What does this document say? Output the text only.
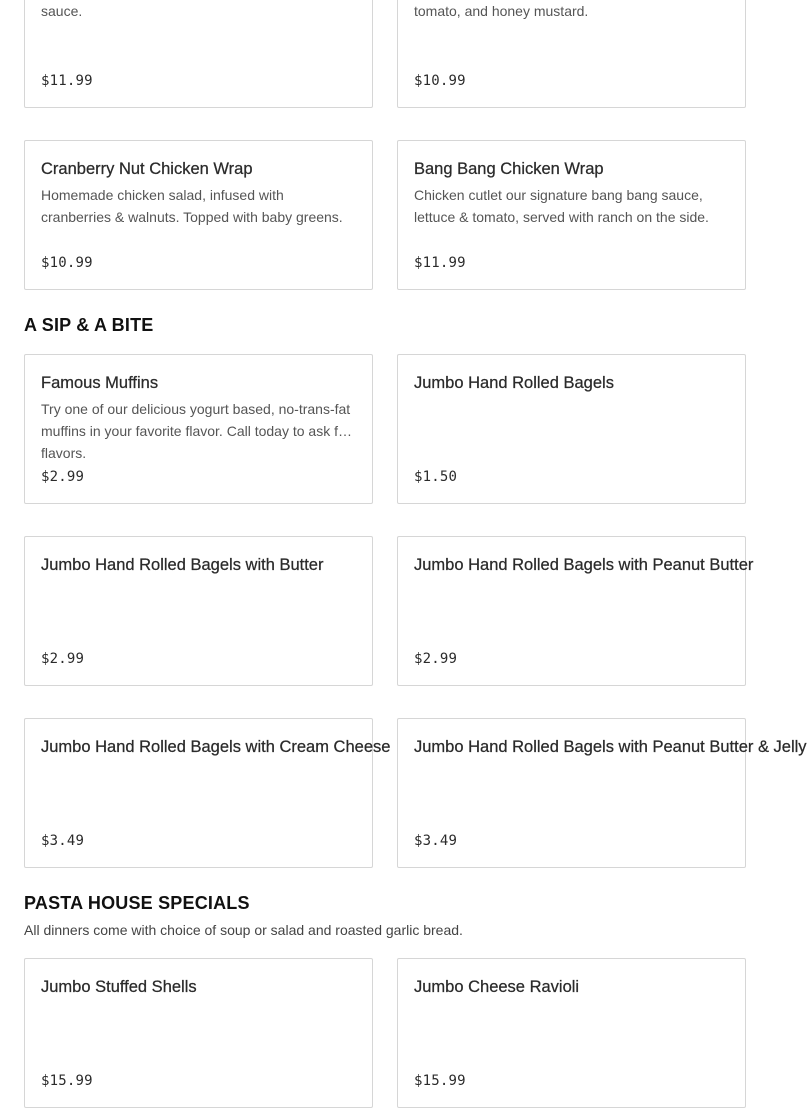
sauce.
$11.99
tomato, and honey mustard.
$10.99
Cranberry Nut Chicken Wrap
Homemade chicken salad, infused with cranberries & walnuts. Topped with baby greens.
$10.99
Bang Bang Chicken Wrap
Chicken cutlet our signature bang bang sauce, lettuce & tomato, served with ranch on the side.
$11.99
A SIP & A BITE
Famous Muffins
Try one of our delicious yogurt based, no-trans-fat muffins in your favorite flavor. Call today to ask for flavors.
$2.99
Jumbo Hand Rolled Bagels
$1.50
Jumbo Hand Rolled Bagels with Butter
$2.99
Jumbo Hand Rolled Bagels with Peanut Butter
$2.99
Jumbo Hand Rolled Bagels with Cream Cheese
$3.49
Jumbo Hand Rolled Bagels with Peanut Butter & Jelly
$3.49
PASTA HOUSE SPECIALS

All dinners come with choice of soup or salad and roasted garlic bread.

Jumbo Stuffed Shells
$15.99
Jumbo Cheese Ravioli
$15.99
